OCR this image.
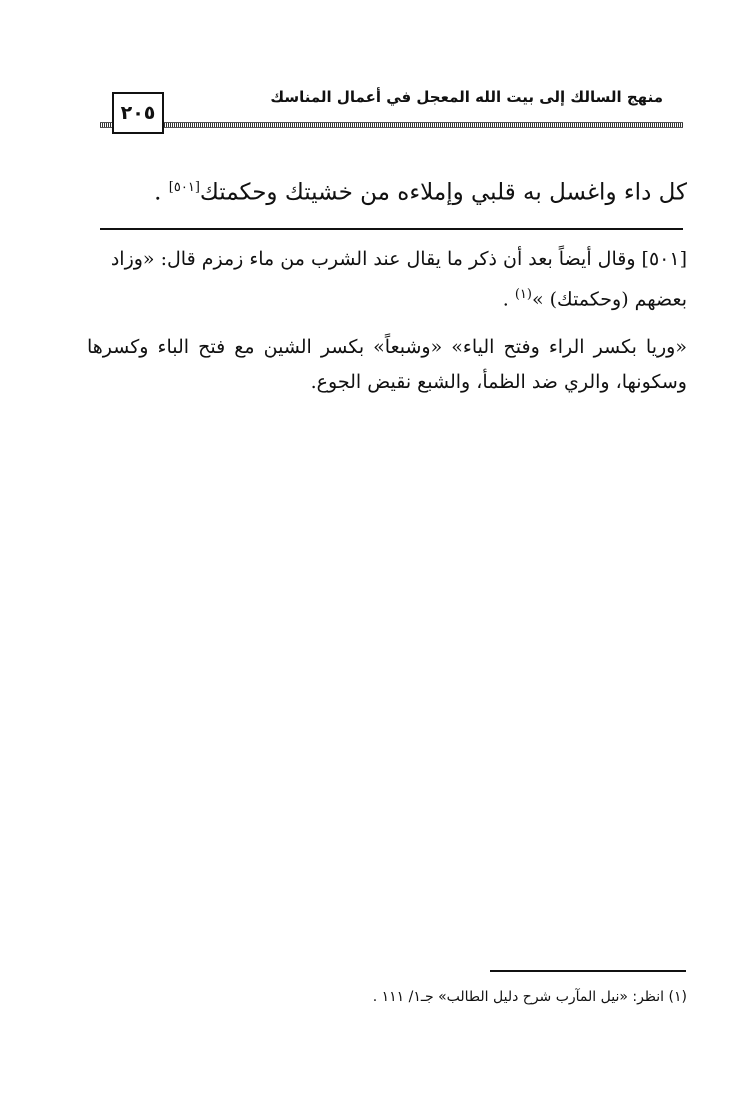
منهج السالك إلى بيت الله المعجل في أعمال المناسك
٢٠٥
كل داء واغسل به قلبي وإملاءه من خشيتك وحكمتك[٥٠١] .
[٥٠١] وقال أيضاً بعد أن ذكر ما يقال عند الشرب من ماء زمزم قال: «وزاد
بعضهم (وحكمتك) »$^{(١)}$ .
«وريا بكسر الراء وفتح الياء» «وشبعاً» بكسر الشين مع فتح الباء وكسرها وسكونها، والري ضد الظمأ، والشبع نقيض الجوع.
(١) انظر: «نيل المآرب شرح دليل الطالب» جـ١/ ١١١ .
